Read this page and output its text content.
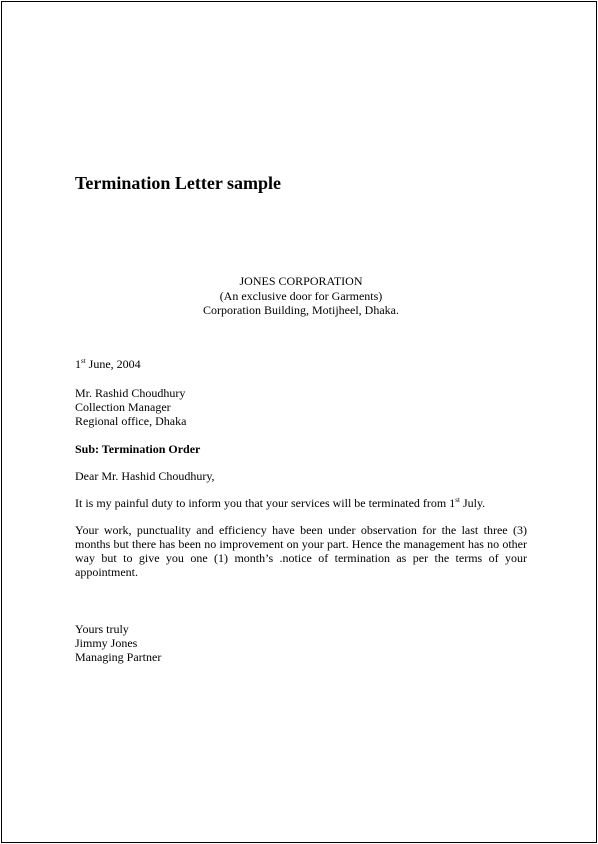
Termination Letter sample
JONES CORPORATION
(An exclusive door for Garments)
Corporation Building, Motijheel, Dhaka.
1st June, 2004
Mr. Rashid Choudhury
Collection Manager
Regional office, Dhaka
Sub: Termination Order
Dear Mr. Hashid Choudhury,
It is my painful duty to inform you that your services will be terminated from 1st July.
Your work, punctuality and efficiency have been under observation for the last three (3) months but there has been no improvement on your part. Hence the management has no other way but to give you one (1) month’s .notice of termination as per the terms of your appointment.
Yours truly
Jimmy Jones
Managing Partner
